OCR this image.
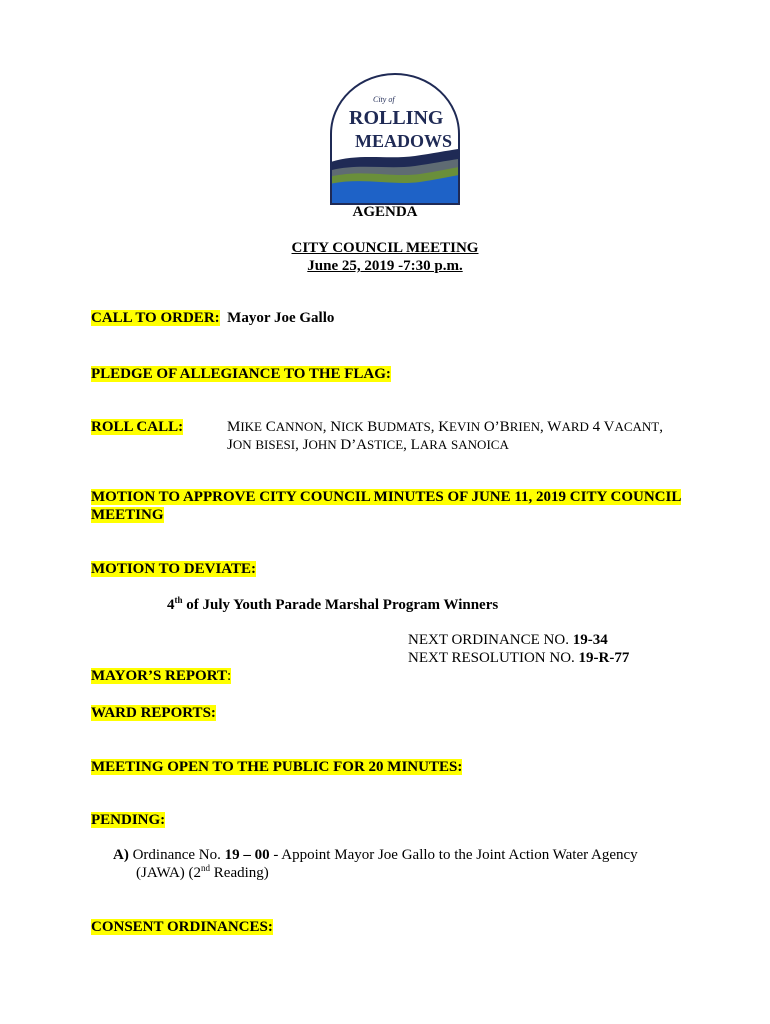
City of
ROLLING
MEADOWS
AGENDA
CITY COUNCIL MEETING
June 25, 2019 -7:30 p.m.
CALL TO ORDER: Mayor Joe Gallo
PLEDGE OF ALLEGIANCE TO THE FLAG:
ROLL CALL:	MIKE CANNON, NICK BUDMATS, KEVIN O’BRIEN, WARD 4 VACANT,
JON BISESI, JOHN D’ASTICE, LARA SANOICA
MOTION TO APPROVE CITY COUNCIL MINUTES OF JUNE 11, 2019 CITY COUNCIL
MEETING
MOTION TO DEVIATE:
4th of July Youth Parade Marshal Program Winners
NEXT ORDINANCE NO. 19-34
NEXT RESOLUTION NO. 19-R-77
MAYOR’S REPORT:
WARD REPORTS:
MEETING OPEN TO THE PUBLIC FOR 20 MINUTES:
PENDING:
A) Ordinance No. 19 – 00 - Appoint Mayor Joe Gallo to the Joint Action Water Agency
(JAWA) (2nd Reading)
CONSENT ORDINANCES:
